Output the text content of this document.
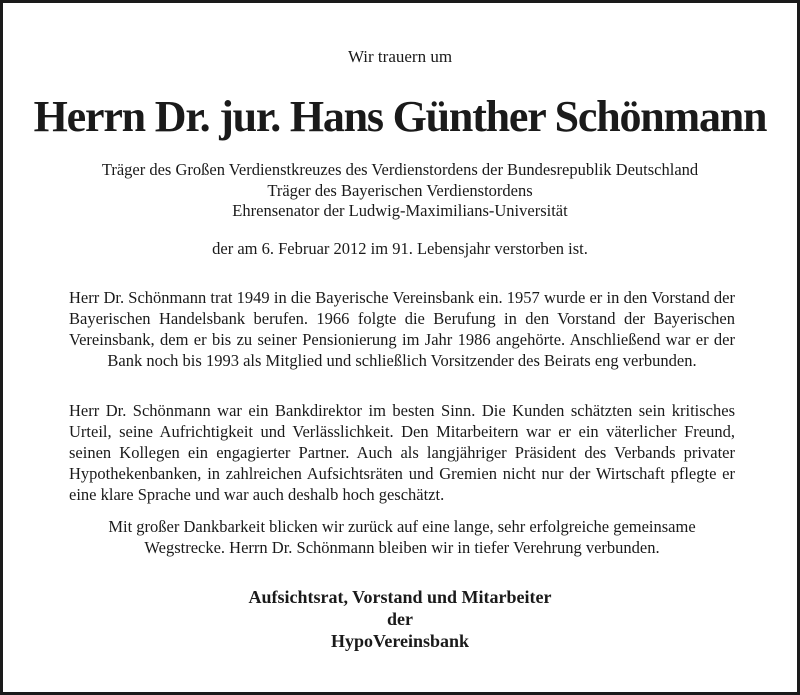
Wir trauern um
Herrn Dr. jur. Hans Günther Schönmann
Träger des Großen Verdienstkreuzes des Verdienstordens der Bundesrepublik Deutschland
Träger des Bayerischen Verdienstordens
Ehrensenator der Ludwig-Maximilians-Universität
der am 6. Februar 2012 im 91. Lebensjahr verstorben ist.
Herr Dr. Schönmann trat 1949 in die Bayerische Vereinsbank ein. 1957 wurde er in den Vorstand der Bayerischen Handelsbank berufen. 1966 folgte die Berufung in den Vorstand der Bayerischen Vereinsbank, dem er bis zu seiner Pensionierung im Jahr 1986 angehörte. Anschließend war er der Bank noch bis 1993 als Mitglied und schließlich Vorsitzender des Beirats eng verbunden.
Herr Dr. Schönmann war ein Bankdirektor im besten Sinn. Die Kunden schätzten sein kritisches Urteil, seine Aufrichtigkeit und Verlässlichkeit. Den Mitarbeitern war er ein väterlicher Freund, seinen Kollegen ein engagierter Partner. Auch als langjähriger Präsident des Verbands privater Hypothekenbanken, in zahlreichen Aufsichtsräten und Gremien nicht nur der Wirtschaft pflegte er eine klare Sprache und war auch deshalb hoch geschätzt.
Mit großer Dankbarkeit blicken wir zurück auf eine lange, sehr erfolgreiche gemeinsame Wegstrecke. Herrn Dr. Schönmann bleiben wir in tiefer Verehrung verbunden.
Aufsichtsrat, Vorstand und Mitarbeiter
der
HypoVereinsbank
